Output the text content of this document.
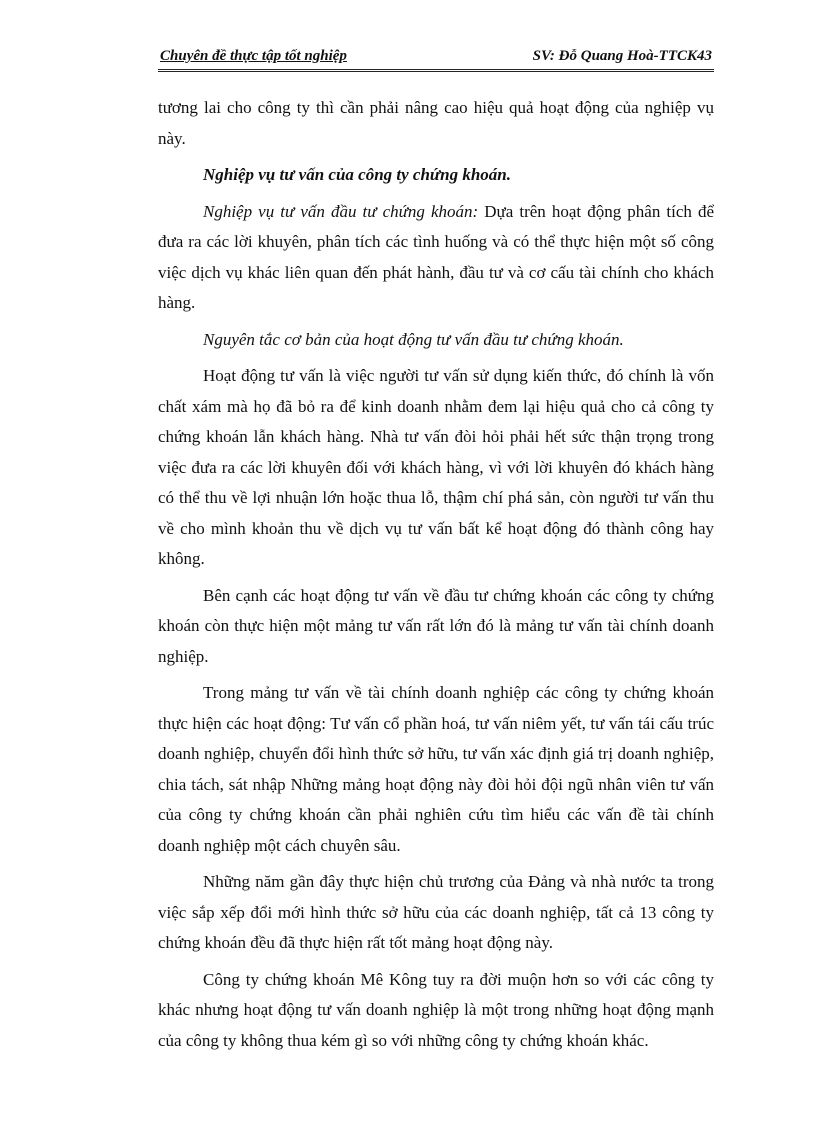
Chuyên đề thực tập tốt nghiệp	SV: Đỗ Quang Hoà-TTCK43

tương lai cho công ty thì cần phải nâng cao hiệu quả hoạt động của nghiệp vụ này.

Nghiệp vụ tư vấn của công ty chứng khoán.

Nghiệp vụ tư vấn đầu tư chứng khoán: Dựa trên hoạt động phân tích để đưa ra các lời khuyên, phân tích các tình huống và có thể thực hiện một số công việc dịch vụ khác liên quan đến phát hành, đầu tư và cơ cấu tài chính cho khách hàng.

Nguyên tắc cơ bản của hoạt động tư vấn đầu tư chứng khoán.

Hoạt động tư vấn là việc người tư vấn sử dụng kiến thức, đó chính là vốn chất xám mà họ đã bỏ ra để kinh doanh nhằm đem lại hiệu quả cho cả công ty chứng khoán lẫn khách hàng. Nhà tư vấn đòi hỏi phải hết sức thận trọng trong việc đưa ra các lời khuyên đối với khách hàng, vì với lời khuyên đó khách hàng có thể thu về lợi nhuận lớn hoặc thua lỗ, thậm chí phá sản, còn người tư vấn thu về cho mình khoản thu về dịch vụ tư vấn bất kể hoạt động đó thành công hay không.

Bên cạnh các hoạt động tư vấn về đầu tư chứng khoán các công ty chứng khoán còn thực hiện một mảng tư vấn rất lớn đó là mảng tư vấn tài chính doanh nghiệp.

Trong mảng tư vấn về tài chính doanh nghiệp các công ty chứng khoán thực hiện các hoạt động: Tư vấn cổ phần hoá, tư vấn niêm yết, tư vấn tái cấu trúc doanh nghiệp, chuyển đổi hình thức sở hữu, tư vấn xác định giá trị doanh nghiệp, chia tách, sát nhập Những mảng hoạt động này đòi hỏi đội ngũ nhân viên tư vấn của công ty chứng khoán cần phải nghiên cứu tìm hiểu các vấn đề tài chính doanh nghiệp một cách chuyên sâu.

Những năm gần đây thực hiện chủ trương của Đảng và nhà nước ta trong việc sắp xếp đổi mới hình thức sở hữu của các doanh nghiệp, tất cả 13 công ty chứng khoán đều đã thực hiện rất tốt mảng hoạt động này.

Công ty chứng khoán Mê Kông tuy ra đời muộn hơn so với các công ty khác nhưng hoạt động tư vấn doanh nghiệp là một trong những hoạt động mạnh của công ty không thua kém gì so với những công ty chứng khoán khác.
